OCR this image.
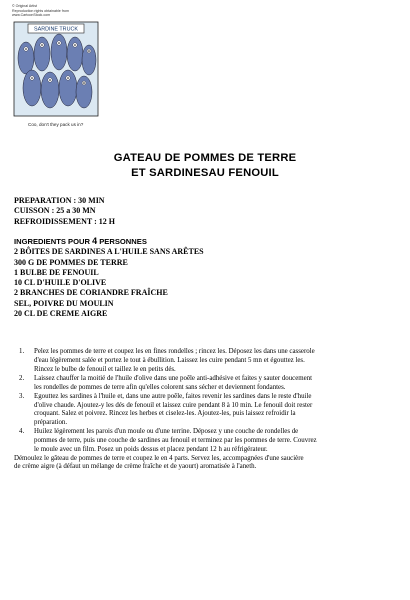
© Original Artist
Reproduction rights obtainable from
www.CartoonStock.com
SARDINE TRUCK
Coo, don't they pack us in?
GATEAU DE POMMES DE TERRE
ET SARDINESAU FENOUIL
PREPARATION : 30 MIN
CUISSON : 25 a 30 MN
REFROIDISSEMENT : 12 H
INGREDIENTS POUR 4 PERSONNES
2 BÔITES DE SARDINES A L'HUILE SANS ARÊTES
300 G DE POMMES DE TERRE
1 BULBE DE FENOUIL
10 CL D'HUILE D'OLIVE
2 BRANCHES DE CORIANDRE FRAÎCHE
SEL, POIVRE DU MOULIN
20 CL DE CREME AIGRE
1. Pelez les pommes de terre et coupez les en fines rondelles ; rincez les. Déposez les dans une casserole
d'eau légèrement salée et portez le tout à ébullition. Laissez les cuire pendant 5 mn et égouttez les.
Rincez le bulbe de fenouil et taillez le en petits dés.
2. Laissez chauffer la moitié de l'huile d'olive dans une poêle anti-adhésive et faites y sauter doucement
les rondelles de pommes de terre afin qu'elles colorent sans sécher et deviennent fondantes.
3. Egouttez les sardines à l'huile et, dans une autre poêle, faites revenir les sardines dans le reste d'huile
d'olive chaude. Ajoutez-y les dés de fenouil et laissez cuire pendant 8 à 10 min. Le fenouil doit rester
croquant. Salez et poivrez. Rincez les herbes et ciselez-les. Ajoutez-les, puis laissez refroidir la
préparation.
4. Huilez légèrement les parois d'un moule ou d'une terrine. Déposez y une couche de rondelles de
pommes de terre, puis une couche de sardines au fenouil et terminez par les pommes de terre. Couvrez
le moule avec un film. Posez un poids dessus et placez pendant 12 h au réfrigérateur.
Démoulez le gâteau de pommes de terre et coupez le en 4 parts. Servez les, accompagnées d'une saucière
de crème aigre (à défaut un mélange de crème fraîche et de yaourt) aromatisée à l'aneth.
